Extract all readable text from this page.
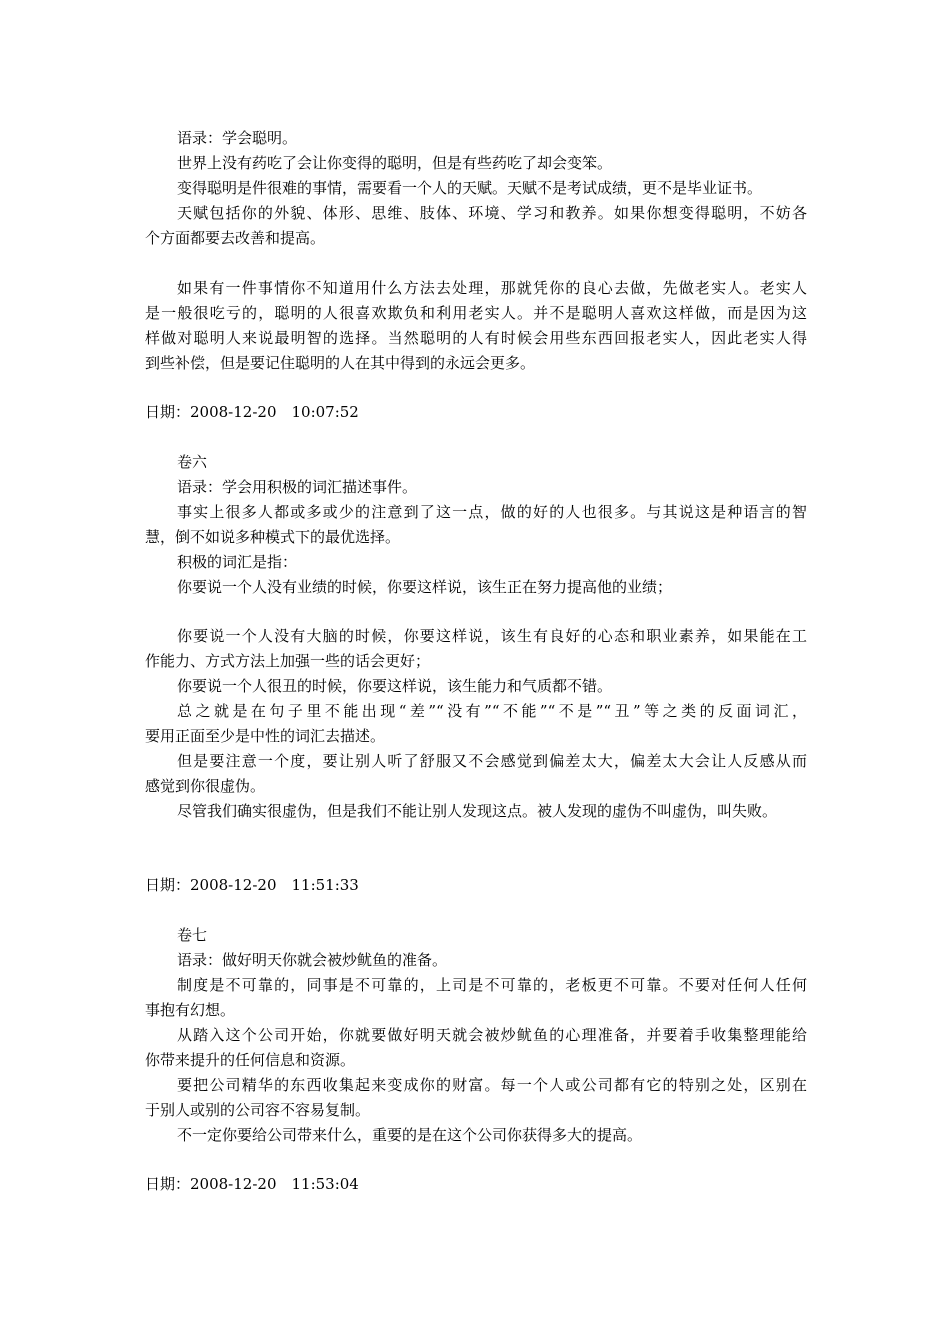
语录：学会聪明。
世界上没有药吃了会让你变得的聪明，但是有些药吃了却会变笨。
变得聪明是件很难的事情，需要看一个人的天赋。天赋不是考试成绩，更不是毕业证书。
天赋包括你的外貌、体形、思维、肢体、环境、学习和教养。如果你想变得聪明，不妨各
个方面都要去改善和提高。
如果有一件事情你不知道用什么方法去处理，那就凭你的良心去做，先做老实人。老实人
是一般很吃亏的，聪明的人很喜欢欺负和利用老实人。并不是聪明人喜欢这样做，而是因为这
样做对聪明人来说最明智的选择。当然聪明的人有时候会用些东西回报老实人，因此老实人得
到些补偿，但是要记住聪明的人在其中得到的永远会更多。
日期：2008-12-20　10:07:52
卷六
语录：学会用积极的词汇描述事件。
事实上很多人都或多或少的注意到了这一点，做的好的人也很多。与其说这是种语言的智
慧，倒不如说多种模式下的最优选择。
积极的词汇是指：
你要说一个人没有业绩的时候，你要这样说，该生正在努力提高他的业绩；
你要说一个人没有大脑的时候，你要这样说，该生有良好的心态和职业素养，如果能在工
作能力、方式方法上加强一些的话会更好；
你要说一个人很丑的时候，你要这样说，该生能力和气质都不错。
总之就是在句子里不能出现“差”“没有”“不能”“不是”“丑”等之类的反面词汇，
要用正面至少是中性的词汇去描述。
但是要注意一个度，要让别人听了舒服又不会感觉到偏差太大，偏差太大会让人反感从而
感觉到你很虚伪。
尽管我们确实很虚伪，但是我们不能让别人发现这点。被人发现的虚伪不叫虚伪，叫失败。
日期：2008-12-20　11:51:33
卷七
语录：做好明天你就会被炒鱿鱼的准备。
制度是不可靠的，同事是不可靠的，上司是不可靠的，老板更不可靠。不要对任何人任何
事抱有幻想。
从踏入这个公司开始，你就要做好明天就会被炒鱿鱼的心理准备，并要着手收集整理能给
你带来提升的任何信息和资源。
要把公司精华的东西收集起来变成你的财富。每一个人或公司都有它的特别之处，区别在
于别人或别的公司容不容易复制。
不一定你要给公司带来什么，重要的是在这个公司你获得多大的提高。
日期：2008-12-20　11:53:04
